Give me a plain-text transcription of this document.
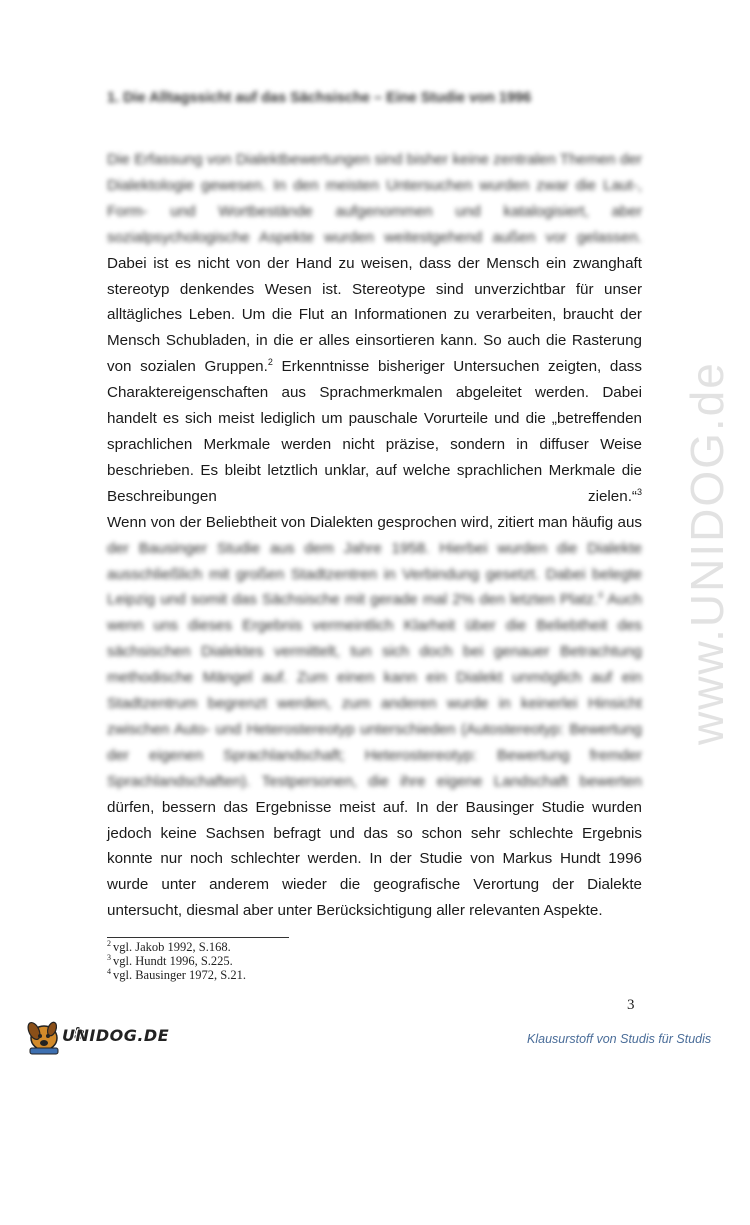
www.UNIDOG.de
1. Die Alltagssicht auf das Sächsische – Eine Studie von 1996

Die Erfassung von Dialektbewertungen sind bisher keine zentralen Themen der Dialektologie gewesen. In den meisten Untersuchen wurden zwar die Laut-, Form- und Wortbestände aufgenommen und katalogisiert, aber sozialpsychologische Aspekte wurden weitestgehend außen vor gelassen. Dabei ist es nicht von der Hand zu weisen, dass der Mensch ein zwanghaft stereotyp denkendes Wesen ist. Stereotype sind unverzichtbar für unser alltägliches Leben. Um die Flut an Informationen zu verarbeiten, braucht der Mensch Schubladen, in die er alles einsortieren kann. So auch die Rasterung von sozialen Gruppen.$^2$ Erkenntnisse bisheriger Untersuchen zeigten, dass Charaktereigenschaften aus Sprachmerkmalen abgeleitet werden. Dabei handelt es sich meist lediglich um pauschale Vorurteile und die „betreffenden sprachlichen Merkmale werden nicht präzise, sondern in diffuser Weise beschrieben. Es bleibt letztlich unklar, auf welche sprachlichen Merkmale die Beschreibungen zielen.“$^3$

Wenn von der Beliebtheit von Dialekten gesprochen wird, zitiert man häufig aus der Bausinger Studie aus dem Jahre 1958. Hierbei wurden die Dialekte ausschließlich mit großen Stadtzentren in Verbindung gesetzt. Dabei belegte Leipzig und somit das Sächsische mit gerade mal 2% den letzten Platz.$^4$ Auch wenn uns dieses Ergebnis vermeintlich Klarheit über die Beliebtheit des sächsischen Dialektes vermittelt, tun sich doch bei genauer Betrachtung methodische Mängel auf. Zum einen kann ein Dialekt unmöglich auf ein Stadtzentrum begrenzt werden, zum anderen wurde in keinerlei Hinsicht zwischen Auto- und Heterostereotyp unterschieden (Autostereotyp: Bewertung der eigenen Sprachlandschaft; Heterostereotyp: Bewertung fremder Sprachlandschaften). Testpersonen, die ihre eigene Landschaft bewerten dürfen, bessern das Ergebnisse meist auf. In der Bausinger Studie wurden jedoch keine Sachsen befragt und das so schon sehr schlechte Ergebnis konnte nur noch schlechter werden. In der Studie von Markus Hundt 1996 wurde unter anderem wieder die geografische Verortung der Dialekte untersucht, diesmal aber unter Berücksichtigung aller relevanten Aspekte.

$^2$ vgl. Jakob 1992, S.168.
$^3$ vgl. Hundt 1996, S.225.
$^4$ vgl. Bausinger 1972, S.21.
3
UNIDOG.DE	Klausurstoff von Studis für Studis
